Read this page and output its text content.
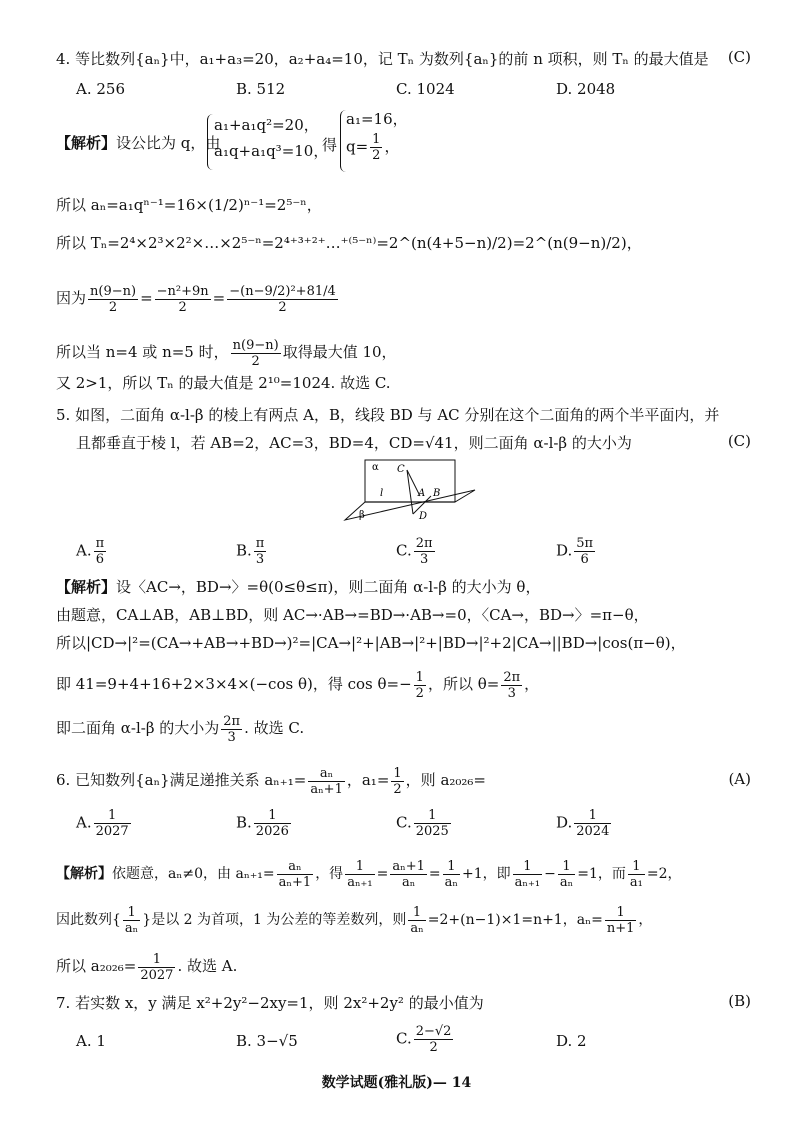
4. 等比数列{aₙ}中，a₁+a₃=20，a₂+a₄=10，记 Tₙ 为数列{aₙ}的前 n 项积，则 Tₙ 的最大值是	(C)
A. 256	B. 512	C. 1024	D. 2048
【解析】设公比为 q，由
a₁+a₁q²=20，
a₁q+a₁q³=10，
得
a₁=16，
$q= \frac{1}{2}$ ，
所以 aₙ=a₁qⁿ⁻¹=16×(1/2)ⁿ⁻¹=2⁵⁻ⁿ，
所以 Tₙ=2⁴×2³×2²×…×2⁵⁻ⁿ=2⁴⁺³⁺²⁺…⁺⁽⁵⁻ⁿ⁾=2^(n(4+5−n)/2)=2^(n(9−n)/2)，
因为 $\frac{n(9-n)}{2} = \frac{\text{−n²+9n}}{2} = \frac{\text{−(n−9/2)²+81/4}}{2}$
所以当 n=4 或 n=5 时， $\frac{n(9-n)}{2}$ 取得最大值 10，
又 2>1，所以 Tₙ 的最大值是 2¹⁰=1024. 故选 C.
5. 如图，二面角 α-l-β 的棱上有两点 A，B，线段 BD 与 AC 分别在这个二面角的两个半平面内，并
且都垂直于棱 l，若 AB=2，AC=3，BD=4，CD=√41，则二面角 α-l-β 的大小为	(C)
α
β
l
C
A B
D
A. $\frac{\pi}{6}$	B. $\frac{\pi}{3}$	C. $\frac{2\pi}{3}$	D. $\frac{5\pi}{6}$
【解析】设〈AC→，BD→〉=θ(0≤θ≤π)，则二面角 α-l-β 的大小为 θ，
由题意，CA⊥AB，AB⊥BD，则 AC→·AB→=BD→·AB→=0，〈CA→，BD→〉=π−θ，
所以|CD→|²=(CA→+AB→+BD→)²=|CA→|²+|AB→|²+|BD→|²+2|CA→||BD→|cos(π−θ)，
即 41=9+4+16+2×3×4×(−cos θ)，得 $\cos \theta=- \frac{1}{2}$ ，所以 $\theta= \frac{2\pi}{3}$ ，
即二面角 α-l-β 的大小为 $\frac{2\pi}{3}$ . 故选 C.
6. 已知数列{aₙ}满足递推关系 $a_{n+1}= \frac{\text{aₙ}}{\text{aₙ+1}}$ ，$a_1= \frac{1}{2}$ ，则 a₂₀₂₆=	(A)
A. $\frac{1}{2027}$	B. $\frac{1}{2026}$	C. $\frac{1}{2025}$	D. $\frac{1}{2024}$
【解析】依题意，aₙ≠0，由 $a_{n+1}= \frac{\text{aₙ}}{\text{aₙ+1}}$ ，得 $\frac{1}{\text{aₙ₊₁}} = \frac{\text{aₙ+1}}{\text{aₙ}} = \frac{1}{\text{aₙ}} +1$，即 $\frac{1}{\text{aₙ₊₁}} - \frac{1}{\text{aₙ}} =1$，而 $\frac{1}{\text{a₁}} =2$，
因此数列{ $\frac{1}{\text{aₙ}}$ }是以 2 为首项，1 为公差的等差数列，则 $\frac{1}{\text{aₙ}} =2+(n-1)\times 1=n+1$，$a_n= \frac{1}{n+1}$ ，
所以 $a_{2026}= \frac{1}{2027}$ . 故选 A.
7. 若实数 x，y 满足 x²+2y²−2xy=1，则 2x²+2y² 的最小值为	(B)
A. 1	B. 3−√5	C. $\frac{2-√2}{2}$	D. 2
数学试题(雅礼版)— 14
